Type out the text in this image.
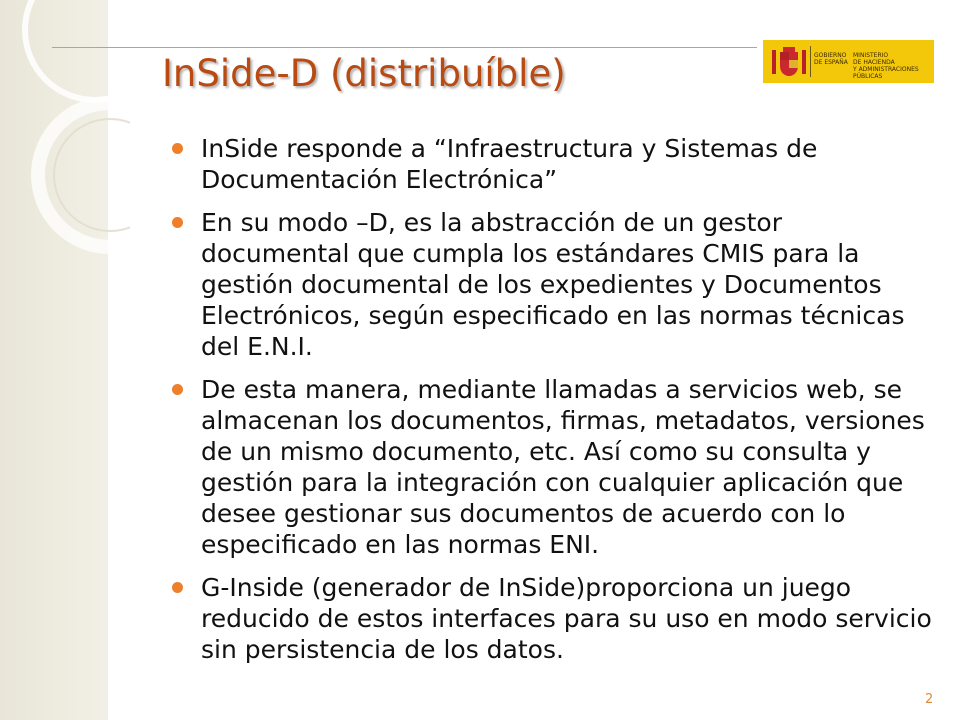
InSide-D (distribuíble)	GOBIERNO
DE ESPAÑA
MINISTERIO
DE HACIENDA
Y ADMINISTRACIONES PÚBLICAS
InSide responde a “Infraestructura y Sistemas de Documentación Electrónica”
En su modo –D, es la abstracción de un gestor documental que cumpla los estándares CMIS para la gestión documental de los expedientes y Documentos Electrónicos, según especificado en las normas técnicas del E.N.I.
De esta manera, mediante llamadas a servicios web, se almacenan los documentos, firmas, metadatos, versiones de un mismo documento, etc. Así como su consulta y gestión para la integración con cualquier aplicación que desee gestionar sus documentos de acuerdo con lo especificado en las normas ENI.
G-Inside (generador de InSide)proporciona un juego reducido de estos interfaces para su uso en modo servicio sin persistencia de los datos.
2
